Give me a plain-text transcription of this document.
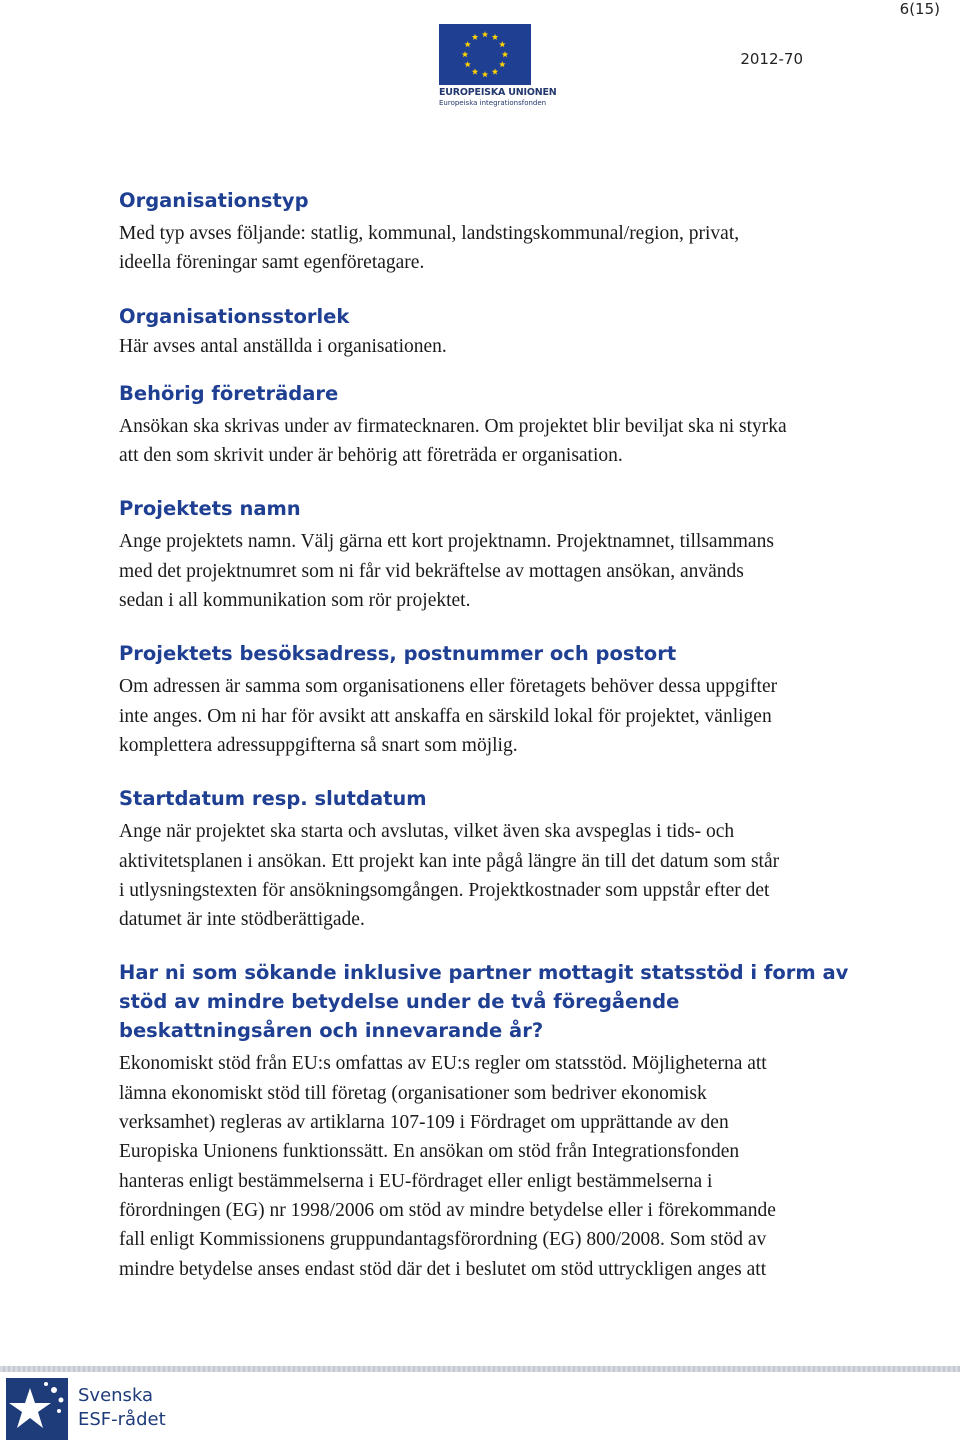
6(15)
2012-70
EUROPEISKA UNIONEN
Europeiska integrationsfonden
Organisationstyp

Med typ avses följande: statlig, kommunal, landstingskommunal/region, privat,
ideella föreningar samt egenföretagare.

Organisationsstorlek

Här avses antal anställda i organisationen.

Behörig företrädare

Ansökan ska skrivas under av firmatecknaren. Om projektet blir beviljat ska ni styrka
att den som skrivit under är behörig att företräda er organisation.

Projektets namn

Ange projektets namn. Välj gärna ett kort projektnamn. Projektnamnet, tillsammans
med det projektnumret som ni får vid bekräftelse av mottagen ansökan, används
sedan i all kommunikation som rör projektet.

Projektets besöksadress, postnummer och postort

Om adressen är samma som organisationens eller företagets behöver dessa uppgifter
inte anges. Om ni har för avsikt att anskaffa en särskild lokal för projektet, vänligen
komplettera adressuppgifterna så snart som möjlig.

Startdatum resp. slutdatum

Ange när projektet ska starta och avslutas, vilket även ska avspeglas i tids- och
aktivitetsplanen i ansökan. Ett projekt kan inte pågå längre än till det datum som står
i utlysningstexten för ansökningsomgången. Projektkostnader som uppstår efter det
datumet är inte stödberättigade.

Har ni som sökande inklusive partner mottagit statsstöd i form av
stöd av mindre betydelse under de två föregående
beskattningsåren och innevarande år?

Ekonomiskt stöd från EU:s omfattas av EU:s regler om statsstöd. Möjligheterna att
lämna ekonomiskt stöd till företag (organisationer som bedriver ekonomisk
verksamhet) regleras av artiklarna 107-109 i Fördraget om upprättande av den
Europiska Unionens funktionssätt. En ansökan om stöd från Integrationsfonden
hanteras enligt bestämmelserna i EU-fördraget eller enligt bestämmelserna i
förordningen (EG) nr 1998/2006 om stöd av mindre betydelse eller i förekommande
fall enligt Kommissionens gruppundantagsförordning (EG) 800/2008. Som stöd av
mindre betydelse anses endast stöd där det i beslutet om stöd uttryckligen anges att

Svenska
ESF-rådet
